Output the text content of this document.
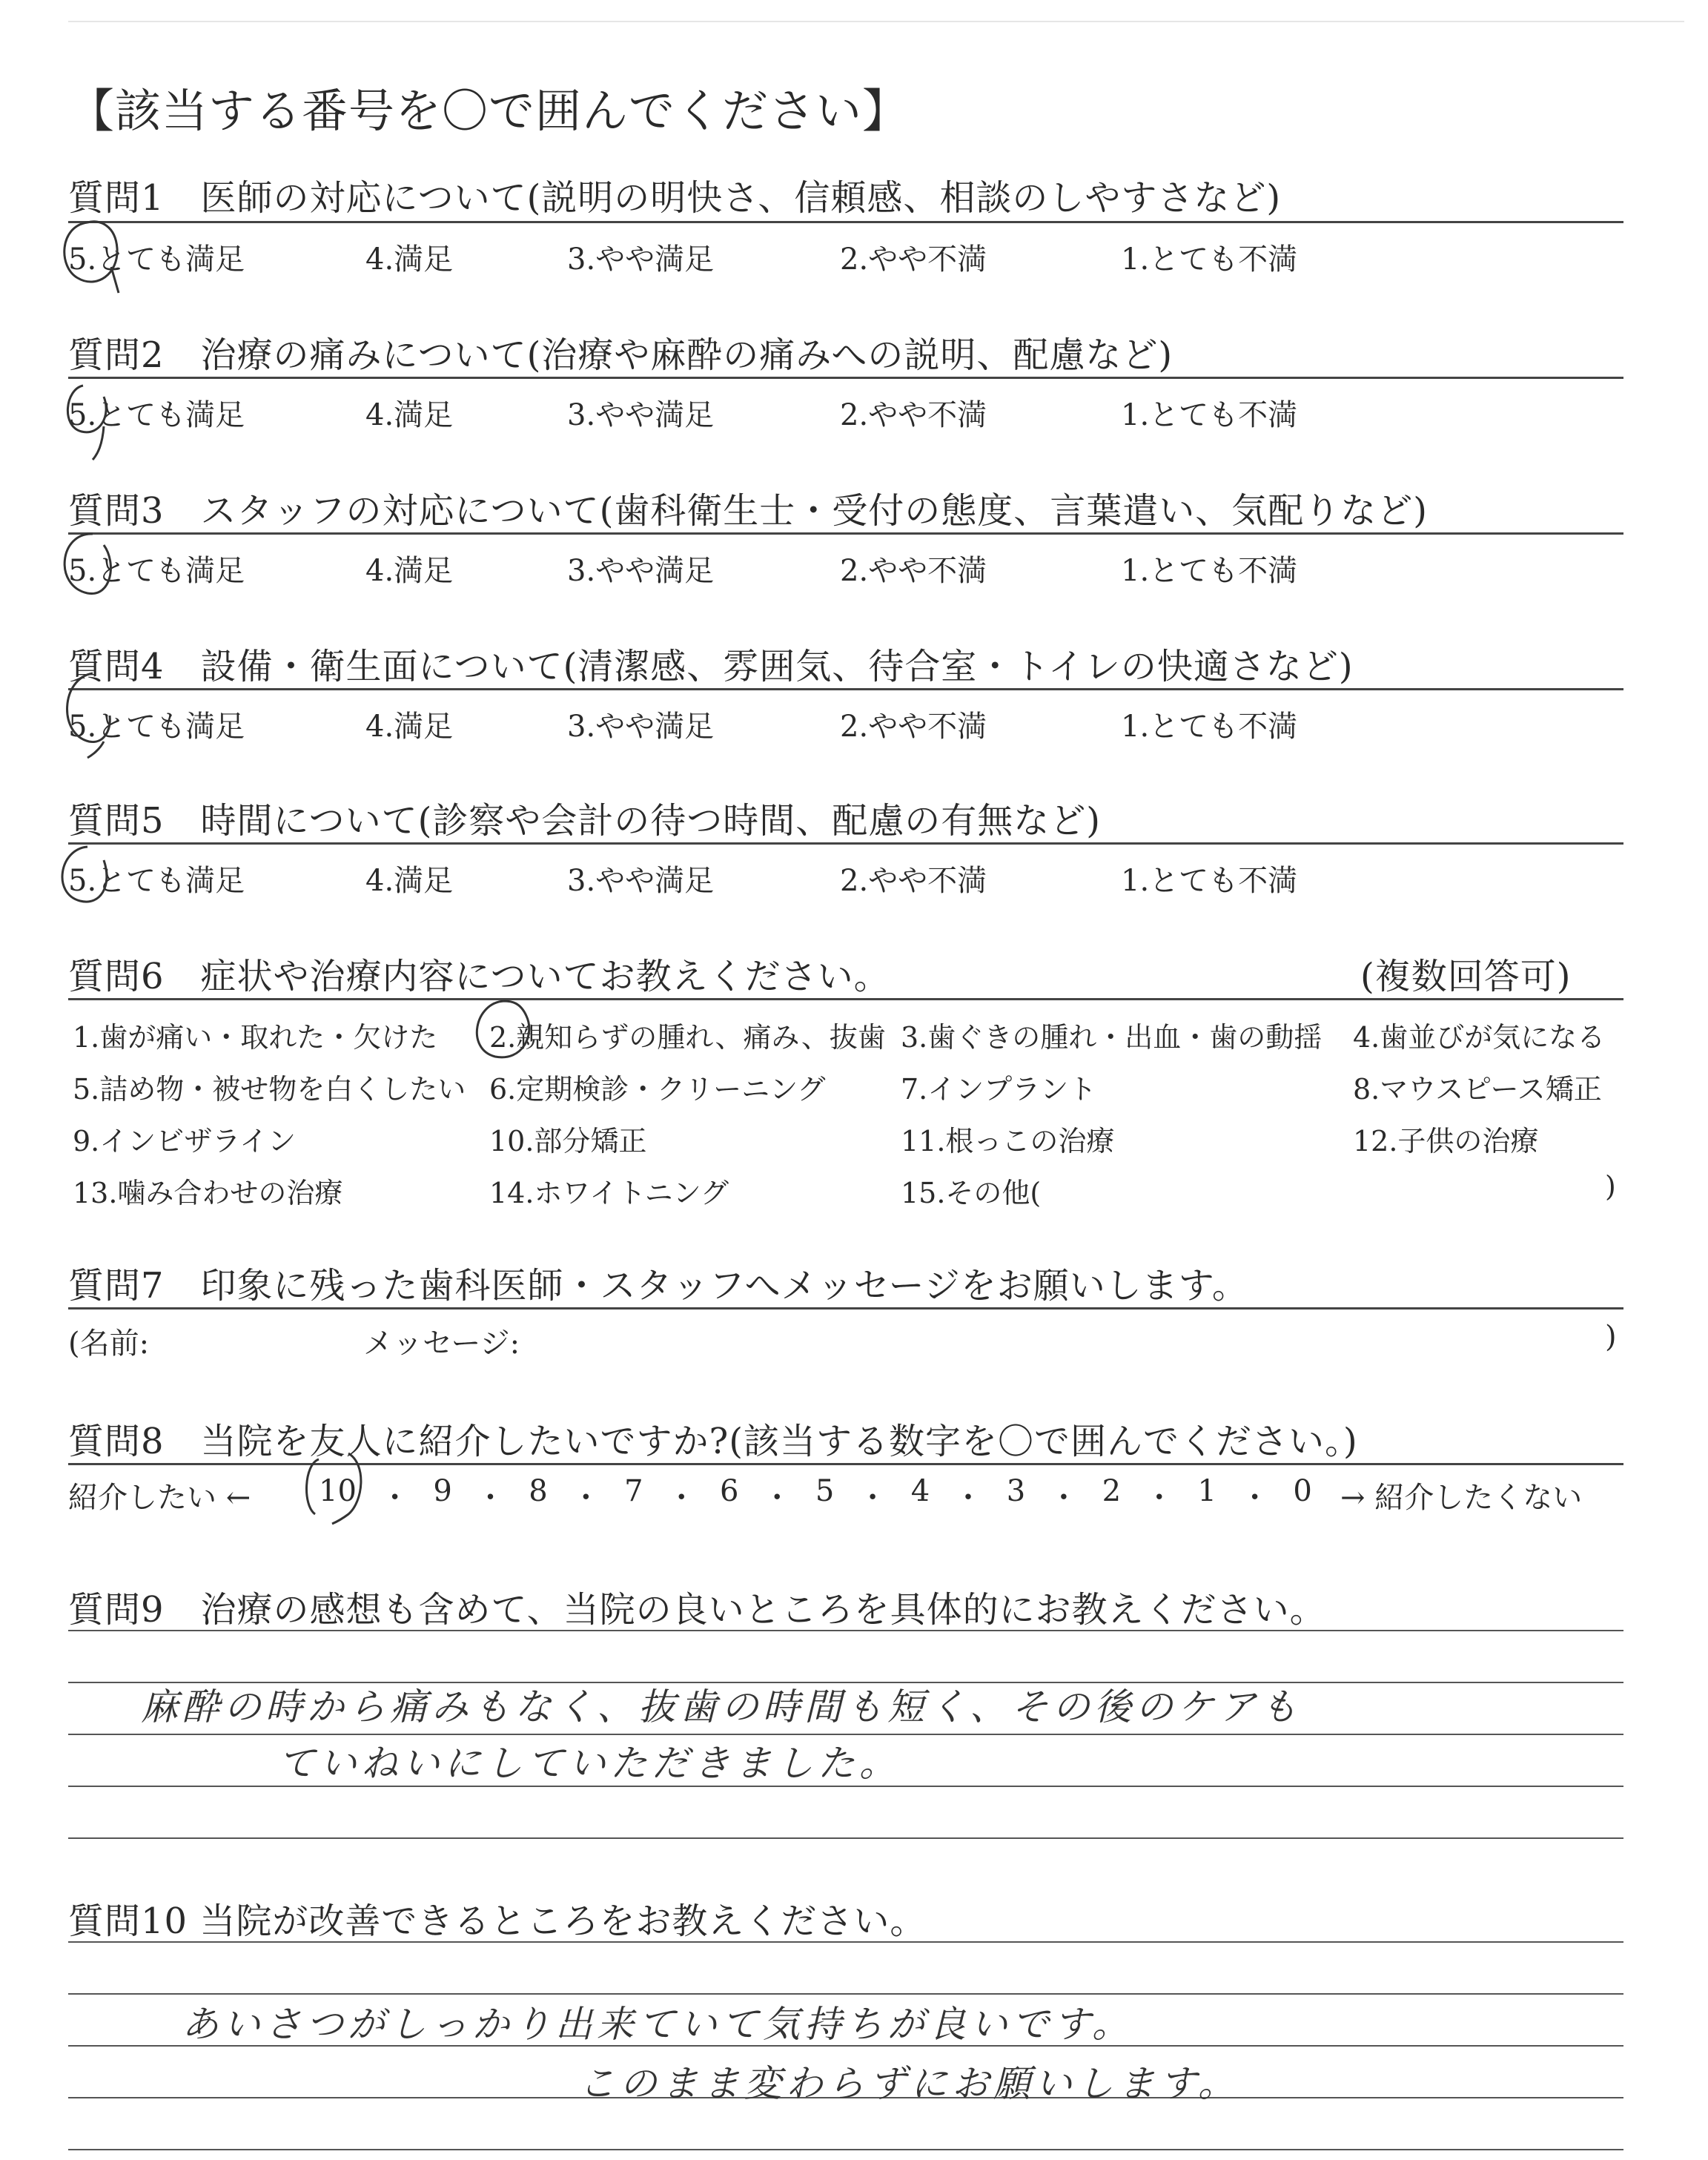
【該当する番号を〇で囲んでください】
質問1　医師の対応について(説明の明快さ、信頼感、相談のしやすさなど)
5.とても満足	4.満足	3.やや満足	2.やや不満	1.とても不満
質問2　治療の痛みについて(治療や麻酔の痛みへの説明、配慮など)
5.とても満足	4.満足	3.やや満足	2.やや不満	1.とても不満
質問3　スタッフの対応について(歯科衛生士・受付の態度、言葉遣い、気配りなど)
5.とても満足	4.満足	3.やや満足	2.やや不満	1.とても不満
質問4　設備・衛生面について(清潔感、雰囲気、待合室・トイレの快適さなど)
5.とても満足	4.満足	3.やや満足	2.やや不満	1.とても不満
質問5　時間について(診察や会計の待つ時間、配慮の有無など)
5.とても満足	4.満足	3.やや満足	2.やや不満	1.とても不満
質問6　症状や治療内容についてお教えください。	(複数回答可)
1.歯が痛い・取れた・欠けた 2.親知らずの腫れ、痛み、抜歯 3.歯ぐきの腫れ・出血・歯の動揺 4.歯並びが気になる
5.詰め物・被せ物を白くしたい 6.定期検診・クリーニング	7.インプラント	8.マウスピース矯正
9.インビザライン	10.部分矯正	11.根っこの治療	12.子供の治療
13.噛み合わせの治療	14.ホワイトニング	15.その他(	)
質問7　印象に残った歯科医師・スタッフへメッセージをお願いします。
(名前:	メッセージ:	)
質問8　当院を友人に紹介したいですか?(該当する数字を〇で囲んでください。)
紹介したい ←	→ 紹介したくない
10 ・ 9 ・ 8 ・ 7 ・ 6 ・ 5 ・ 4 ・ 3 ・ 2 ・ 1 ・ 0
質問9　治療の感想も含めて、当院の良いところを具体的にお教えください。
麻酔の時から痛みもなく、抜歯の時間も短く、その後のケアも
ていねいにしていただきました。
質問10 当院が改善できるところをお教えください。
あいさつがしっかり出来ていて気持ちが良いです。
このまま変わらずにお願いします。
